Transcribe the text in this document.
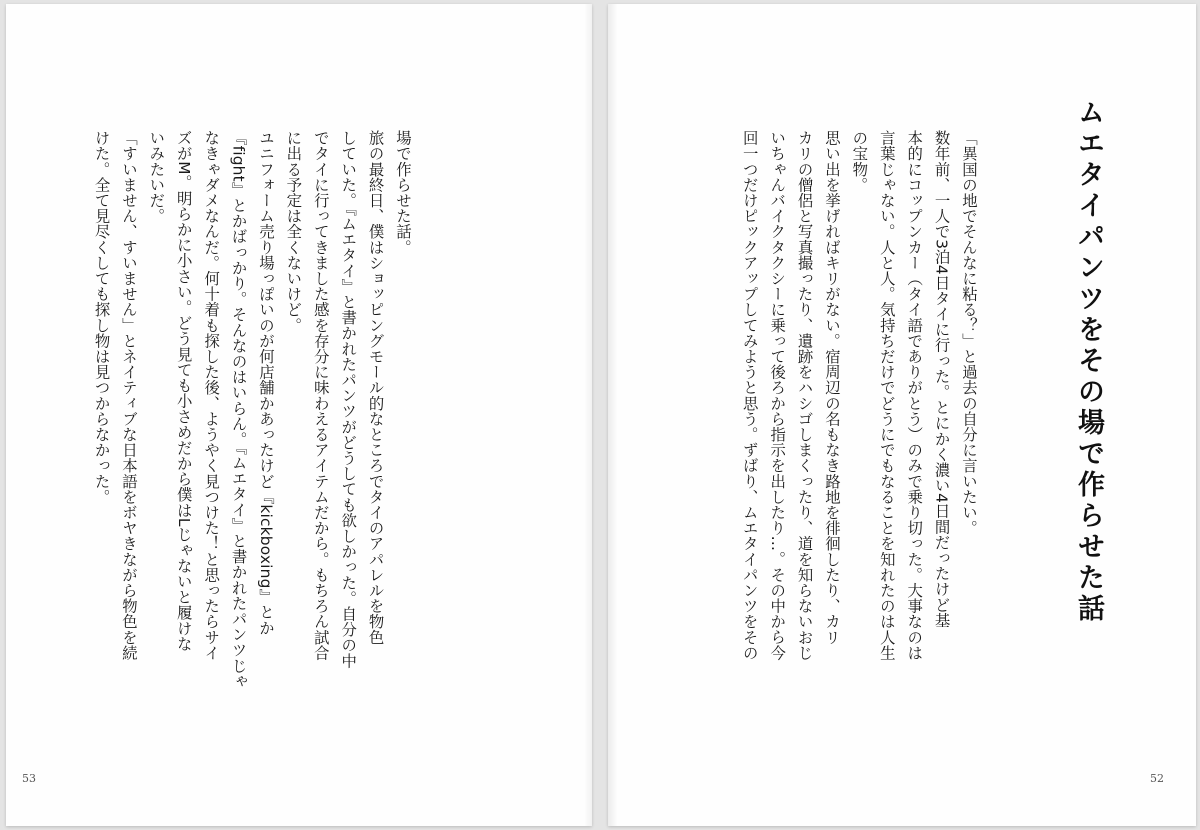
場で作らせた話。

旅の最終日、僕はショッピングモール的なところでタイのアパレルを物色

していた。『ムエタイ』と書かれたパンツがどうしても欲しかった。自分の中

でタイに行ってきました感を存分に味わえるアイテムだから。もちろん試合

に出る予定は全くないけど。

ユニフォーム売り場っぽいのが何店舗かあったけど『kickboxing』とか

『fight』とかばっかり。そんなのはいらん。『ムエタイ』と書かれたパンツじゃ

なきゃダメなんだ。何十着も探した後、ようやく見つけた！と思ったらサイ

ズがM。明らかに小さい。どう見ても小さめだから僕はLじゃないと履けな

いみたいだ。

「すいません、すいません」とネイティブな日本語をボヤきながら物色を続

けた。全て見尽くしても探し物は見つからなかった。

53
ムエタイパンツをその場で作らせた話

「異国の地でそんなに粘る？」と過去の自分に言いたい。

数年前、一人で3泊4日タイに行った。とにかく濃い4日間だったけど基

本的にコップンカー（タイ語でありがとう）のみで乗り切った。大事なのは

言葉じゃない。人と人。気持ちだけでどうにでもなることを知れたのは人生

の宝物。

思い出を挙げればキリがない。宿周辺の名もなき路地を徘徊したり、カリ

カリの僧侶と写真撮ったり、遺跡をハシゴしまくったり、道を知らないおじ

いちゃんバイクタクシーに乗って後ろから指示を出したり…。その中から今

回一つだけピックアップしてみようと思う。ずばり、ムエタイパンツをその

52
